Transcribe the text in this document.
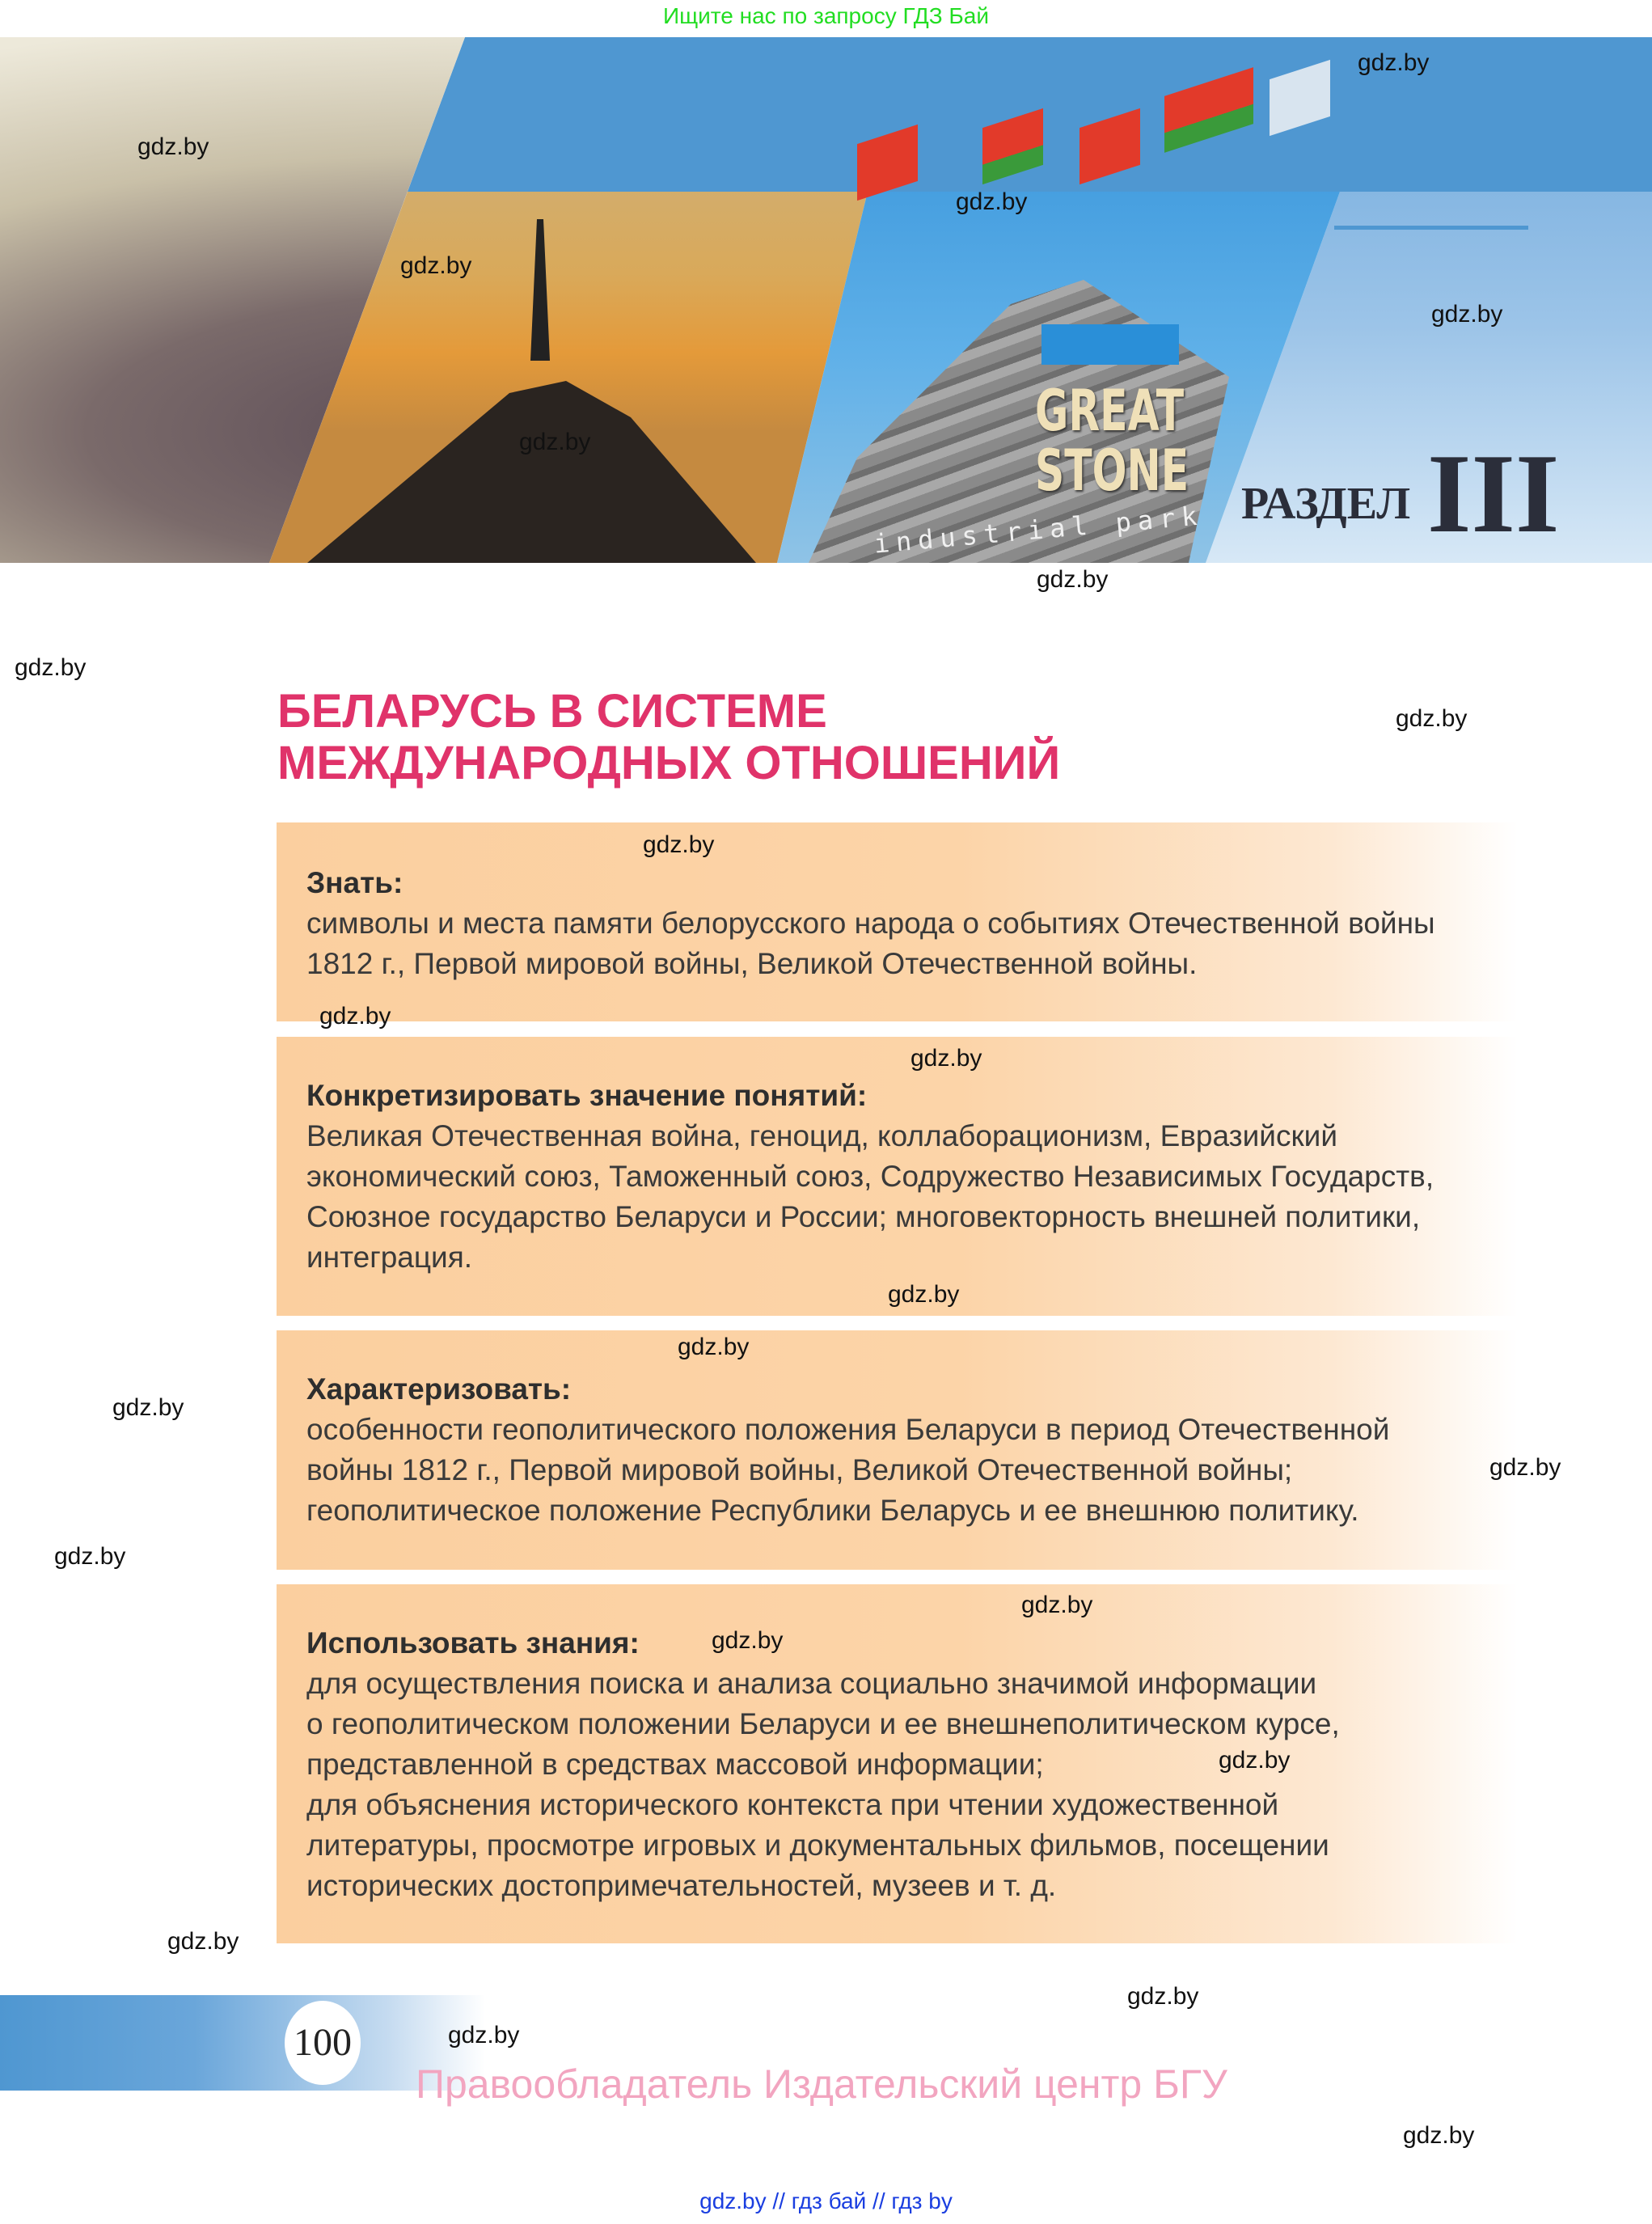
Ищите нас по запросу ГДЗ Бай
GREAT
STONE
industrial park РАЗДЕЛ III
БЕЛАРУСЬ В СИСТЕМЕ
МЕЖДУНАРОДНЫХ ОТНОШЕНИЙ
Знать:

символы и места памяти белорусского народа о событиях Отечественной войны
1812 г., Первой мировой войны, Великой Отечественной войны.

Конкретизировать значение понятий:

Великая Отечественная война, геноцид, коллаборационизм, Евразийский
экономический союз, Таможенный союз, Содружество Независимых Государств,
Союзное государство Беларуси и России; многовекторность внешней политики,
интеграция.

Характеризовать:

особенности геополитического положения Беларуси в период Отечественной
войны 1812 г., Первой мировой войны, Великой Отечественной войны;
геополитическое положение Республики Беларусь и ее внешнюю политику.

Использовать знания:

для осуществления поиска и анализа социально значимой информации
о геополитическом положении Беларуси и ее внешнеполитическом курсе,
представленной в средствах массовой информации;
для объяснения исторического контекста при чтении художественной
литературы, просмотре игровых и документальных фильмов, посещении
исторических достопримечательностей, музеев и т. д.

100
Правообладатель Издательский центр БГУ
gdz.by // гдз бай // гдз by
gdz.by
gdz.by
gdz.by
gdz.by
gdz.by
gdz.by
gdz.by
gdz.by
gdz.by
gdz.by
gdz.by
gdz.by
gdz.by
gdz.by
gdz.by
gdz.by
gdz.by
gdz.by
gdz.by
gdz.by
gdz.by
gdz.by
gdz.by
gdz.by
